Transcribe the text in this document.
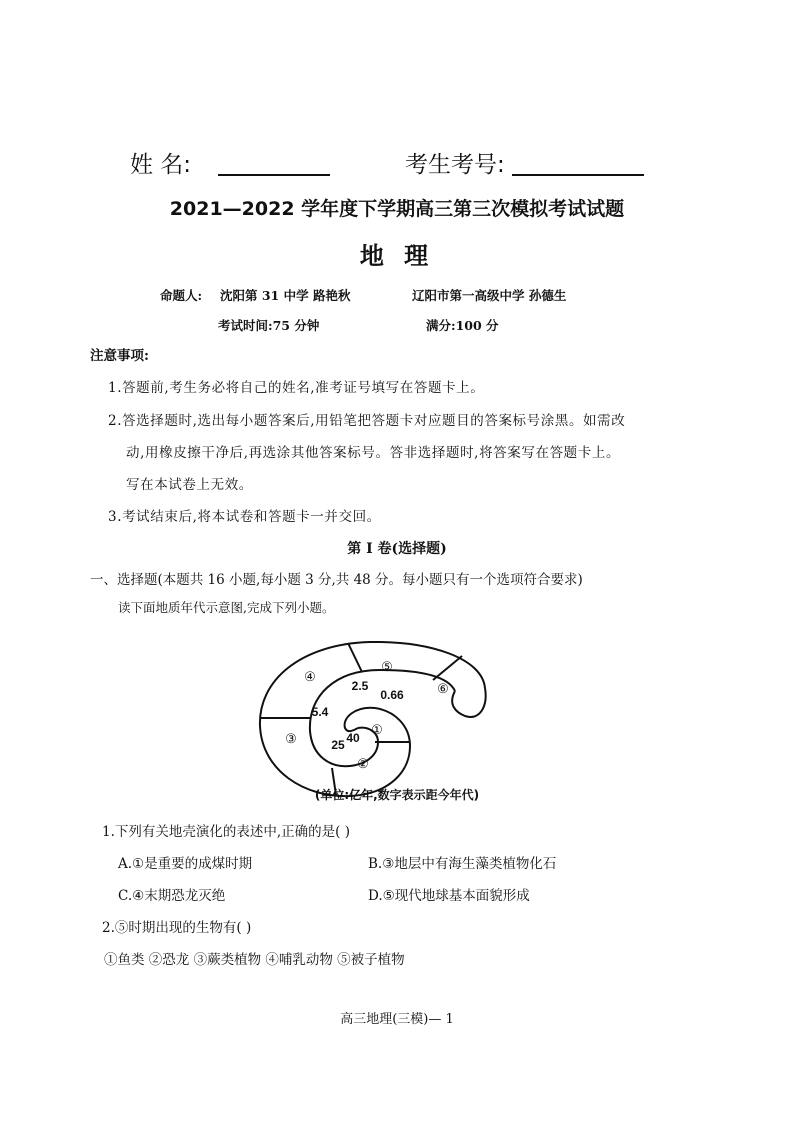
姓 名:	考生考号:
2021—2022 学年度下学期高三第三次模拟考试试题
地 理
命题人: 沈阳第 31 中学 路艳秋	辽阳市第一高级中学 孙德生
考试时间:75 分钟	满分:100 分
注意事项:
1.答题前,考生务必将自己的姓名,准考证号填写在答题卡上。
2.答选择题时,选出每小题答案后,用铅笔把答题卡对应题目的答案标号涂黑。如需改
动,用橡皮擦干净后,再选涂其他答案标号。答非选择题时,将答案写在答题卡上。
写在本试卷上无效。
3.考试结束后,将本试卷和答题卡一并交回。
第 Ⅰ 卷(选择题)
一、选择题(本题共 16 小题,每小题 3 分,共 48 分。每小题只有一个选项符合要求)
读下面地质年代示意图,完成下列小题。
①
②
③
④
⑤
⑥
40
25
5.4
2.5
0.66
(单位:亿年,数字表示距今年代)
1.下列有关地壳演化的表述中,正确的是( )
A.①是重要的成煤时期	B.③地层中有海生藻类植物化石
C.④末期恐龙灭绝	D.⑤现代地球基本面貌形成
2.⑤时期出现的生物有( )
①鱼类 ②恐龙 ③蕨类植物 ④哺乳动物 ⑤被子植物
高三地理(三模)— 1
